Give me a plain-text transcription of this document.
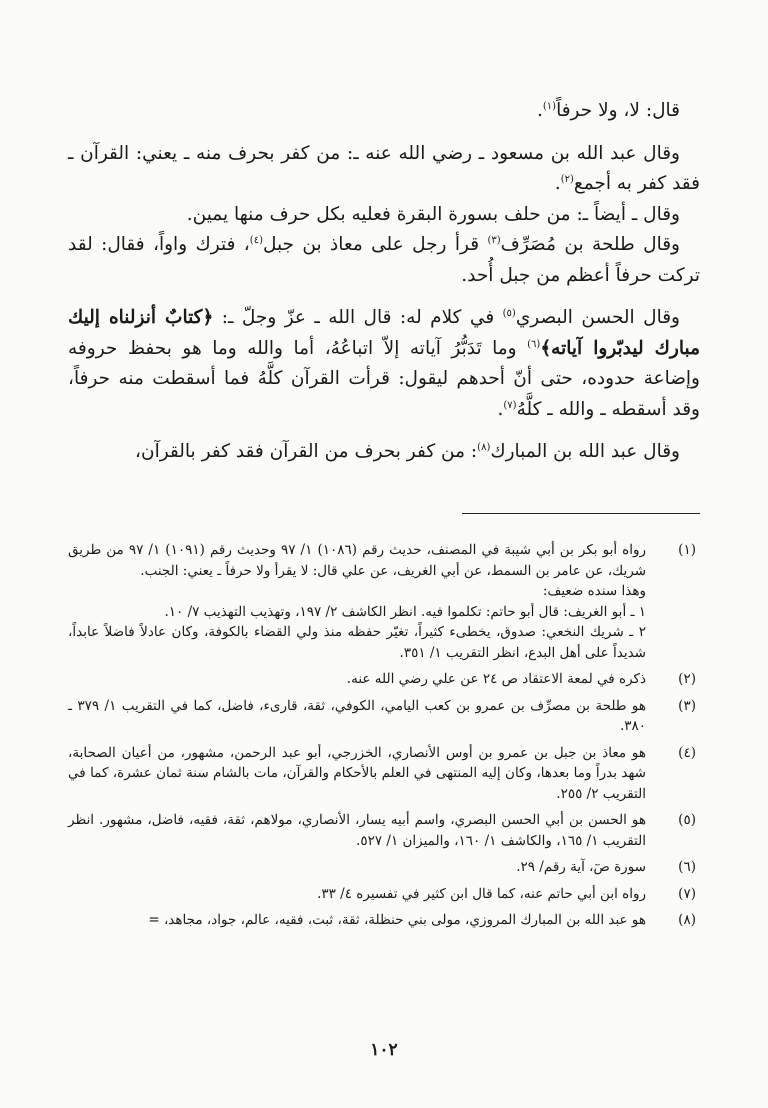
قال: لا، ولا حرفاً$^{(١)}$.

وقال عبد الله بن مسعود ـ رضي الله عنه ـ: من كفر بحرف منه ـ يعني: القرآن ـ فقد كفر به أجمع$^{(٢)}$.

وقال ـ أيضاً ـ: من حلف بسورة البقرة فعليه بكل حرف منها يمين.

وقال طلحة بن مُصَرِّف$^{(٣)}$ قرأ رجل على معاذ بن جبل$^{(٤)}$، فترك واواً، فقال: لقد تركت حرفاً أعظم من جبل أُحد.

وقال الحسن البصري$^{(٥)}$ في كلام له: قال الله ـ عزّ وجلّ ـ: ﴿كتابٌ أنزلناه إليك مبارك ليدبّروا آياته﴾$^{(٦)}$ وما تَدَبُّرُ آياته إلاّ اتباعُهُ، أما والله وما هو بحفظ حروفه وإضاعة حدوده، حتى أنّ أحدهم ليقول: قرأت القرآن كلَّهُ فما أسقطت منه حرفاً، وقد أسقطه ـ والله ـ كلَّهُ$^{(٧)}$.

وقال عبد الله بن المبارك$^{(٨)}$: من كفر بحرف من القرآن فقد كفر بالقرآن،

(١)
رواه أبو بكر بن أبي شيبة في المصنف، حديث رقم (١٠٨٦) ١/ ٩٧ وحديث رقم (١٠٩١) ١/ ٩٧ من طريق شريك، عن عامر بن السمط، عن أبي الغريف، عن علي قال: لا يقرأ ولا حرفاً ـ يعني: الجنب.
وهذا سنده ضعيف:
١ ـ أبو الغريف: قال أبو حاتم: تكلموا فيه. انظر الكاشف ٢/ ١٩٧، وتهذيب التهذيب ٧/ ١٠.
٢ ـ شريك النخعي: صدوق، يخطىء كثيراً، تغيّر حفظه منذ ولي القضاء بالكوفة، وكان عادلاً فاضلاً عابداً، شديداً على أهل البدع، انظر التقريب ١/ ٣٥١.
(٢)
ذكره في لمعة الاعتقاد ص ٢٤ عن علي رضي الله عنه.
(٣)
هو طلحة بن مصرِّف بن عمرو بن كعب اليامي، الكوفي، ثقة، قارىء، فاضل، كما في التقريب ١/ ٣٧٩ ـ ٣٨٠.
(٤)
هو معاذ بن جبل بن عمرو بن أوس الأنصاري، الخزرجي، أبو عبد الرحمن، مشهور، من أعيان الصحابة، شهد بدراً وما بعدها، وكان إليه المنتهى في العلم بالأحكام والقرآن، مات بالشام سنة ثمان عشرة، كما في التقريب ٢/ ٢٥٥.
(٥)
هو الحسن بن أبي الحسن البصري، واسم أبيه يسار، الأنصاري، مولاهم، ثقة، فقيه، فاضل، مشهور. انظر التقريب ١/ ١٦٥، والكاشف ١/ ١٦٠، والميزان ١/ ٥٢٧.
(٦)
سورة صٓ، آية رقم/ ٢٩.
(٧)
رواه ابن أبي حاتم عنه، كما قال ابن كثير في تفسيره ٤/ ٣٣.
(٨)
هو عبد الله بن المبارك المروزي، مولى بني حنظلة، ثقة، ثبت، فقيه، عالم، جواد، مجاهد، =
١٠٢
